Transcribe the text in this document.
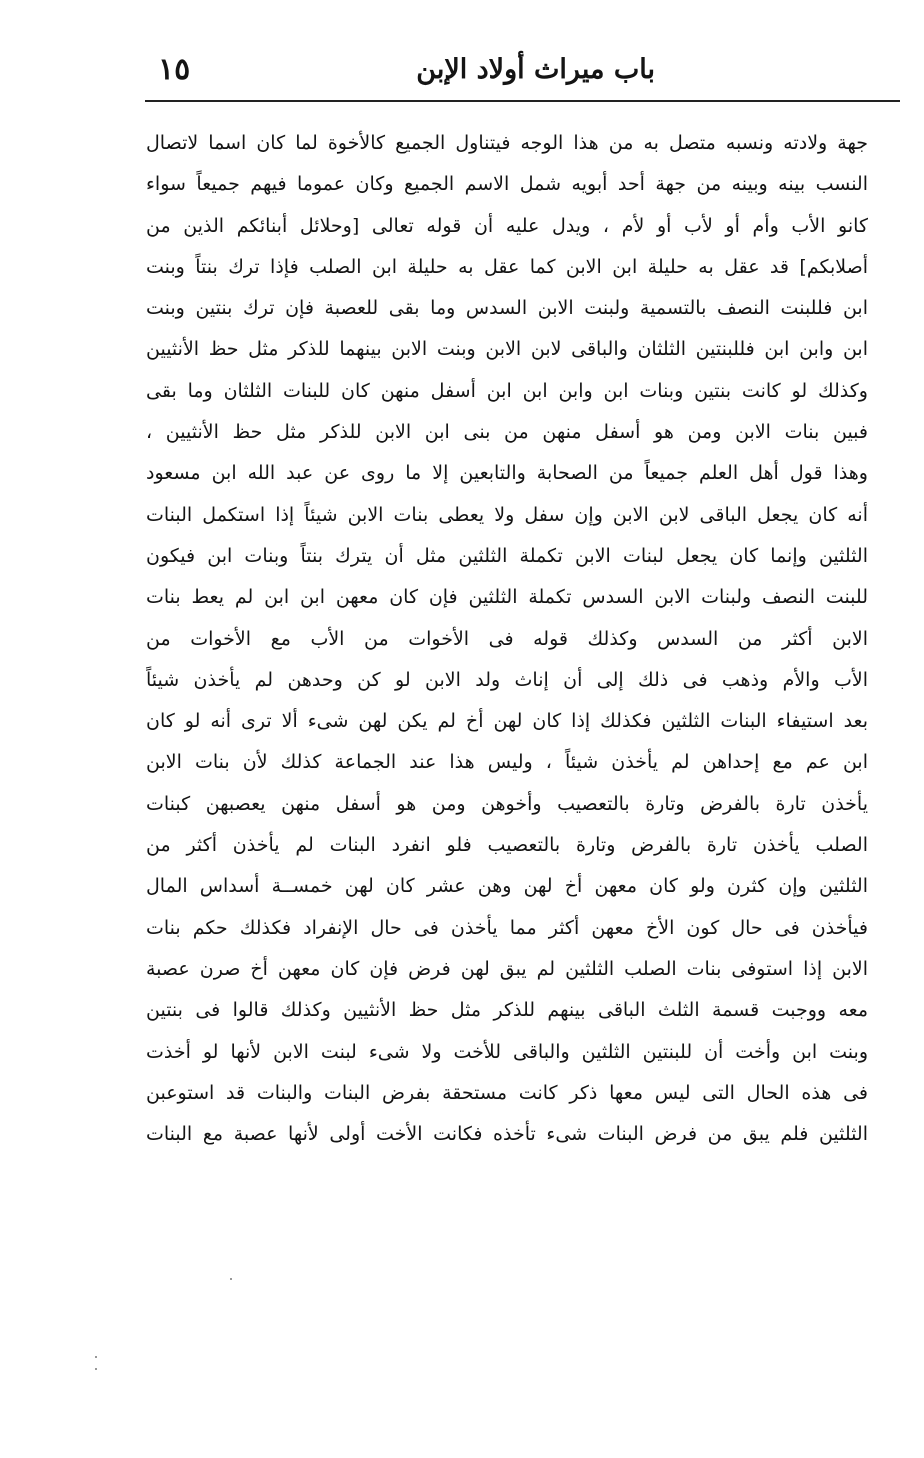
باب ميراث أولاد الإبن
١٥
جهة ولادته ونسبه متصل به من هذا الوجه فيتناول الجميع كالأخوة لما كان اسما لاتصال
النسب بينه وبينه من جهة أحد أبويه شمل الاسم الجميع وكان عموما فيهم جميعاً سواء
كانو الأب وأم أو لأب أو لأم ، ويدل عليه أن قوله تعالى [وحلائل أبنائكم الذين من
أصلابكم] قد عقل به حليلة ابن الابن كما عقل به حليلة ابن الصلب فإذا ترك بنتاً وبنت
ابن فللبنت النصف بالتسمية ولبنت الابن السدس وما بقى للعصبة فإن ترك بنتين وبنت
ابن وابن ابن فللبنتين الثلثان والباقى لابن الابن وبنت الابن بينهما للذكر مثل حظ الأنثيين
وكذلك لو كانت بنتين وبنات ابن وابن ابن ابن أسفل منهن كان للبنات الثلثان وما بقى
فبين بنات الابن ومن هو أسفل منهن من بنى ابن الابن للذكر مثل حظ الأنثيين ،
وهذا قول أهل العلم جميعاً من الصحابة والتابعين إلا ما روى عن عبد الله ابن مسعود
أنه كان يجعل الباقى لابن الابن وإن سفل ولا يعطى بنات الابن شيئاً إذا استكمل البنات
الثلثين وإنما كان يجعل لبنات الابن تكملة الثلثين مثل أن يترك بنتاً وبنات ابن فيكون
للبنت النصف ولبنات الابن السدس تكملة الثلثين فإن كان معهن ابن ابن لم يعط بنات
الابن أكثر من السدس وكذلك قوله فى الأخوات من الأب مع الأخوات من
الأب والأم وذهب فى ذلك إلى أن إناث ولد الابن لو كن وحدهن لم يأخذن شيئاً
بعد استيفاء البنات الثلثين فكذلك إذا كان لهن أخ لم يكن لهن شىء ألا ترى أنه لو كان
ابن عم مع إحداهن لم يأخذن شيئاً ، وليس هذا عند الجماعة كذلك لأن بنات الابن
يأخذن تارة بالفرض وتارة بالتعصيب وأخوهن ومن هو أسفل منهن يعصبهن كبنات
الصلب يأخذن تارة بالفرض وتارة بالتعصيب فلو انفرد البنات لم يأخذن أكثر من
الثلثين وإن كثرن ولو كان معهن أخ لهن وهن عشر كان لهن خمســة أسداس المال
فيأخذن فى حال كون الأخ معهن أكثر مما يأخذن فى حال الإنفراد فكذلك حكم بنات
الابن إذا استوفى بنات الصلب الثلثين لم يبق لهن فرض فإن كان معهن أخ صرن عصبة
معه ووجبت قسمة الثلث الباقى بينهم للذكر مثل حظ الأنثيين وكذلك قالوا فى بنتين
وبنت ابن وأخت أن للبنتين الثلثين والباقى للأخت ولا شىء لبنت الابن لأنها لو أخذت
فى هذه الحال التى ليس معها ذكر كانت مستحقة بفرض البنات والبنات قد استوعبن
الثلثين فلم يبق من فرض البنات شىء تأخذه فكانت الأخت أولى لأنها عصبة مع البنات
